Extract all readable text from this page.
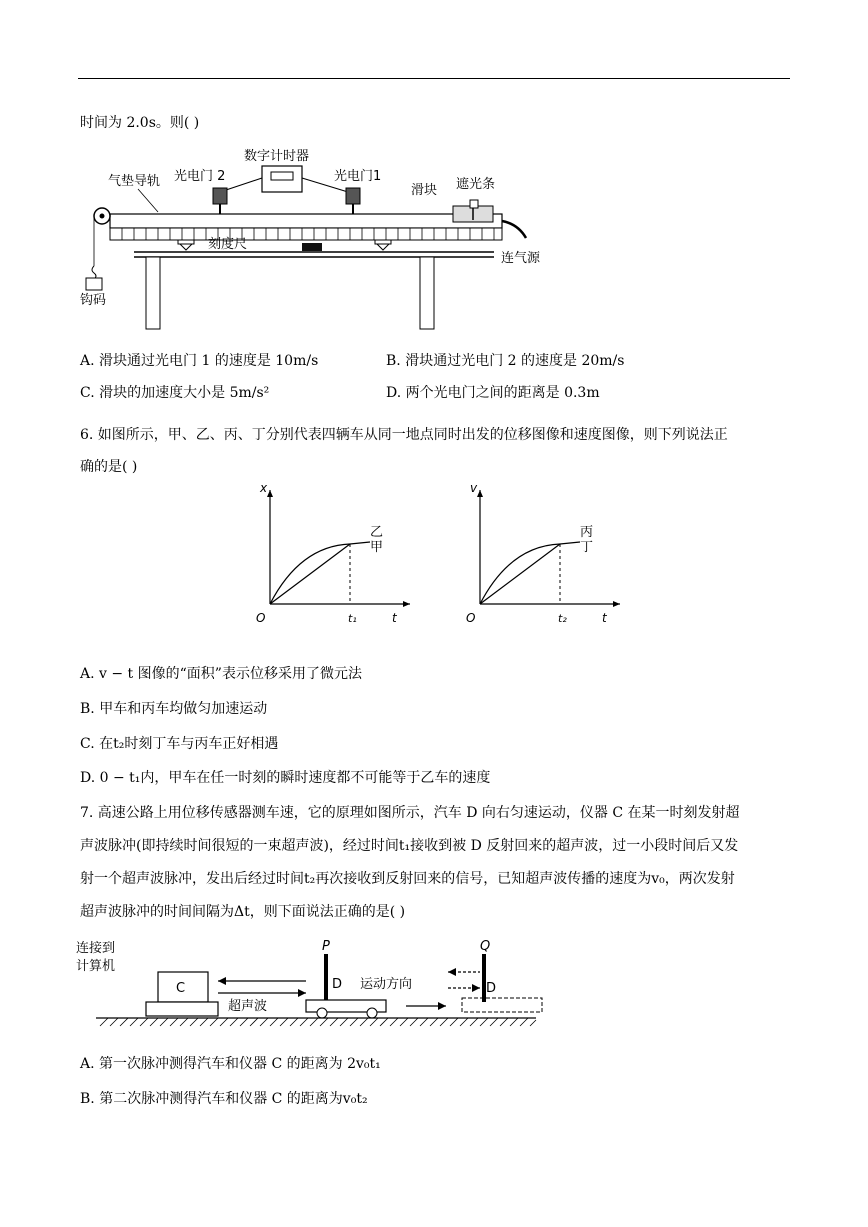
时间为 2.0s。则( )
数字计时器
光电门 2	光电门1
气垫导轨
滑块 遮光条
钩码
刻度尺
连气源
A. 滑块通过光电门 1 的速度是 10m/s	B. 滑块通过光电门 2 的速度是 20m/s
C. 滑块的加速度大小是 5m/s²	D. 两个光电门之间的距离是 0.3m
6. 如图所示，甲、乙、丙、丁分别代表四辆车从同一地点同时出发的位移图像和速度图像，则下列说法正
确的是( )
x
t
O	t₁
乙
甲
v
t
O	t₂
丙
丁
A. v − t 图像的“面积”表示位移采用了微元法
B. 甲车和丙车均做匀加速运动
C. 在t₂时刻丁车与丙车正好相遇
D. 0 − t₁内，甲车在任一时刻的瞬时速度都不可能等于乙车的速度
7. 高速公路上用位移传感器测车速，它的原理如图所示，汽车 D 向右匀速运动，仪器 C 在某一时刻发射超
声波脉冲(即持续时间很短的一束超声波)，经过时间t₁接收到被 D 反射回来的超声波，过一小段时间后又发
射一个超声波脉冲，发出后经过时间t₂再次接收到反射回来的信号，已知超声波传播的速度为v₀，两次发射
超声波脉冲的时间间隔为Δt，则下面说法正确的是( )
连接到
计算机
C
超声波
P
D 运动方向
Q
D
A. 第一次脉冲测得汽车和仪器 C 的距离为 2v₀t₁
B. 第二次脉冲测得汽车和仪器 C 的距离为v₀t₂
